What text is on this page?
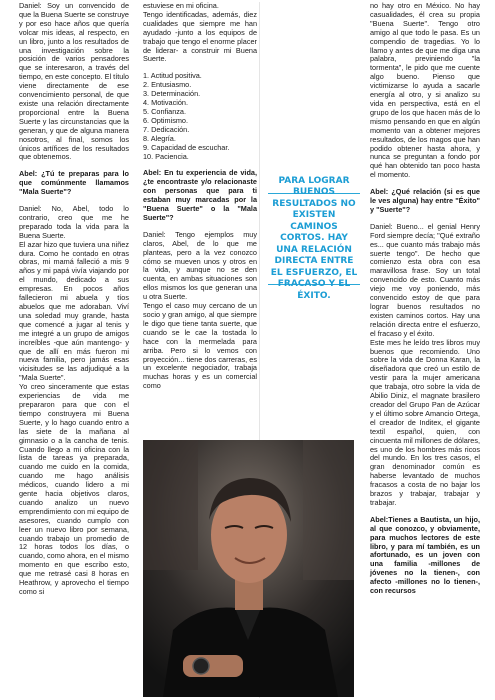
Daniel: Soy un convencido de que la Buena Suerte se construye y por eso hace años que quería volcar mis ideas, al respecto, en un libro, junto a los resultados de una investigación sobre la posición de varios pensadores que se interesaron, a través del tiempo, en este concepto. El título viene directamente de ese convencimiento personal, de que existe una relación directamente proporcional entre la Buena Suerte y las circunstancias que la generan, y que de alguna manera nosotros, al final, somos los únicos artífices de los resultados que obtenemos.

Abel: ¿Tú te preparas para lo que comúnmente llamamos "Mala Suerte"?

Daniel: No, Abel, todo lo contrario, creo que me he preparado toda la vida para la Buena Suerte.

El azar hizo que tuviera una niñez dura. Como he contado en otras obras, mi mamá falleció a mis 9 años y mi papá vivía viajando por el mundo, dedicado a sus empresas. En pocos años fallecieron mi abuela y tíos abuelos que me adoraban. Viví una soledad muy grande, hasta que comencé a jugar al tenis y me integré a un grupo de amigos increíbles -que aún mantengo- y que de allí en más fueron mi nueva familia, pero jamás esas vicisitudes se las adjudiqué a la "Mala Suerte".

Yo creo sinceramente que estas experiencias de vida me prepararon para que con el tiempo construyera mi Buena Suerte, y lo hago cuando entro a las siete de la mañana al gimnasio o a la cancha de tenis. Cuando llego a mi oficina con la lista de tareas ya preparada, cuando me cuido en la comida, cuando me hago análisis médicos, cuando lidero a mi gente hacia objetivos claros, cuando analizo un nuevo emprendimiento con mi equipo de asesores, cuando cumplo con leer un nuevo libro por semana, cuando trabajo un promedio de 12 horas todos los días, o cuando, como ahora, en el mismo momento en que escribo esto, que me retrasé casi 8 horas en Heathrow, y aprovecho el tiempo como si

estuviese en mi oficina.

Tengo identificadas, además, diez cualidades que siempre me han ayudado -junto a los equipos de trabajo que tengo el enorme placer de liderar- a construir mi Buena Suerte.

1. Actitud positiva.
2. Entusiasmo.
3. Determinación.
4. Motivación.
5. Confianza.
6. Optimismo.
7. Dedicación.
8. Alegría.
9. Capacidad de escuchar.
10. Paciencia.

Abel: En tu experiencia de vida, ¿te encontraste y/o relacionaste con personas que para ti estaban muy marcadas por la "Buena Suerte" o la "Mala Suerte"?

Daniel: Tengo ejemplos muy claros, Abel, de lo que me planteas, pero a la vez conozco cómo se mueven unos y otros en la vida, y aunque no se den cuenta, en ambas situaciones son ellos mismos los que generan una u otra Suerte.

Tengo el caso muy cercano de un socio y gran amigo, al que siempre le digo que tiene tanta suerte, que cuando se le cae la tostada lo hace con la mermelada para arriba. Pero si lo vemos con proyección... tiene dos carreras, es un excelente negociador, trabaja muchas horas y es un comercial como

PARA LOGRAR BUENOS RESULTADOS NO EXISTEN CAMINOS CORTOS. HAY UNA RELACIÓN DIRECTA ENTRE EL ESFUERZO, EL FRACASO Y EL ÉXITO.

no hay otro en México. No hay casualidades, él crea su propia "Buena Suerte". Tengo otro amigo al que todo le pasa. Es un compendio de tragedias. Yo lo llamo y antes de que me diga una palabra, previniendo "la tormenta", le pido que me cuente algo bueno. Pienso que victimizarse lo ayuda a sacarle energía al otro, y si analizo su vida en perspectiva, está en el grupo de los que hacen más de lo mismo pensando en que en algún momento van a obtener mejores resultados, de los magos que han podido obtener hasta ahora, y nunca se preguntan a fondo por qué han obtenido tan poco hasta el momento.

Abel: ¿Qué relación (si es que le ves alguna) hay entre "Éxito" y "Suerte"?

Daniel: Bueno... el genial Henry Ford siempre decía; "Qué extraño es... que cuanto más trabajo más suerte tengo". De hecho que comienzo esta obra con esa maravillosa frase. Soy un total convencido de esto. Cuanto más viejo me voy poniendo, más convencido estoy de que para lograr buenos resultados no existen caminos cortos. Hay una relación directa entre el esfuerzo, el fracaso y el éxito.

Este mes he leído tres libros muy buenos que recomiendo. Uno sobre la vida de Donna Karan, la diseñadora que creó un estilo de vestir para la mujer americana que trabaja, otro sobre la vida de Abilio Diniz, el magnate brasilero creador del Grupo Pan de Azúcar y el último sobre Amancio Ortega, el creador de Inditex, el gigante textil español, quien, con cincuenta mil millones de dólares, es uno de los hombres más ricos del mundo. En los tres casos, el gran denominador común es haberse levantado de muchos fracasos a costa de no bajar los brazos y trabajar, trabajar y trabajar.

Abel:Tienes a Bautista, un hijo, al que conozco, y obviamente, para muchos lectores de este libro, y para mí también, es un afortunado, es un joven con una familia -millones de jóvenes no la tienen-, con afecto -millones no lo tienen-, con recursos
